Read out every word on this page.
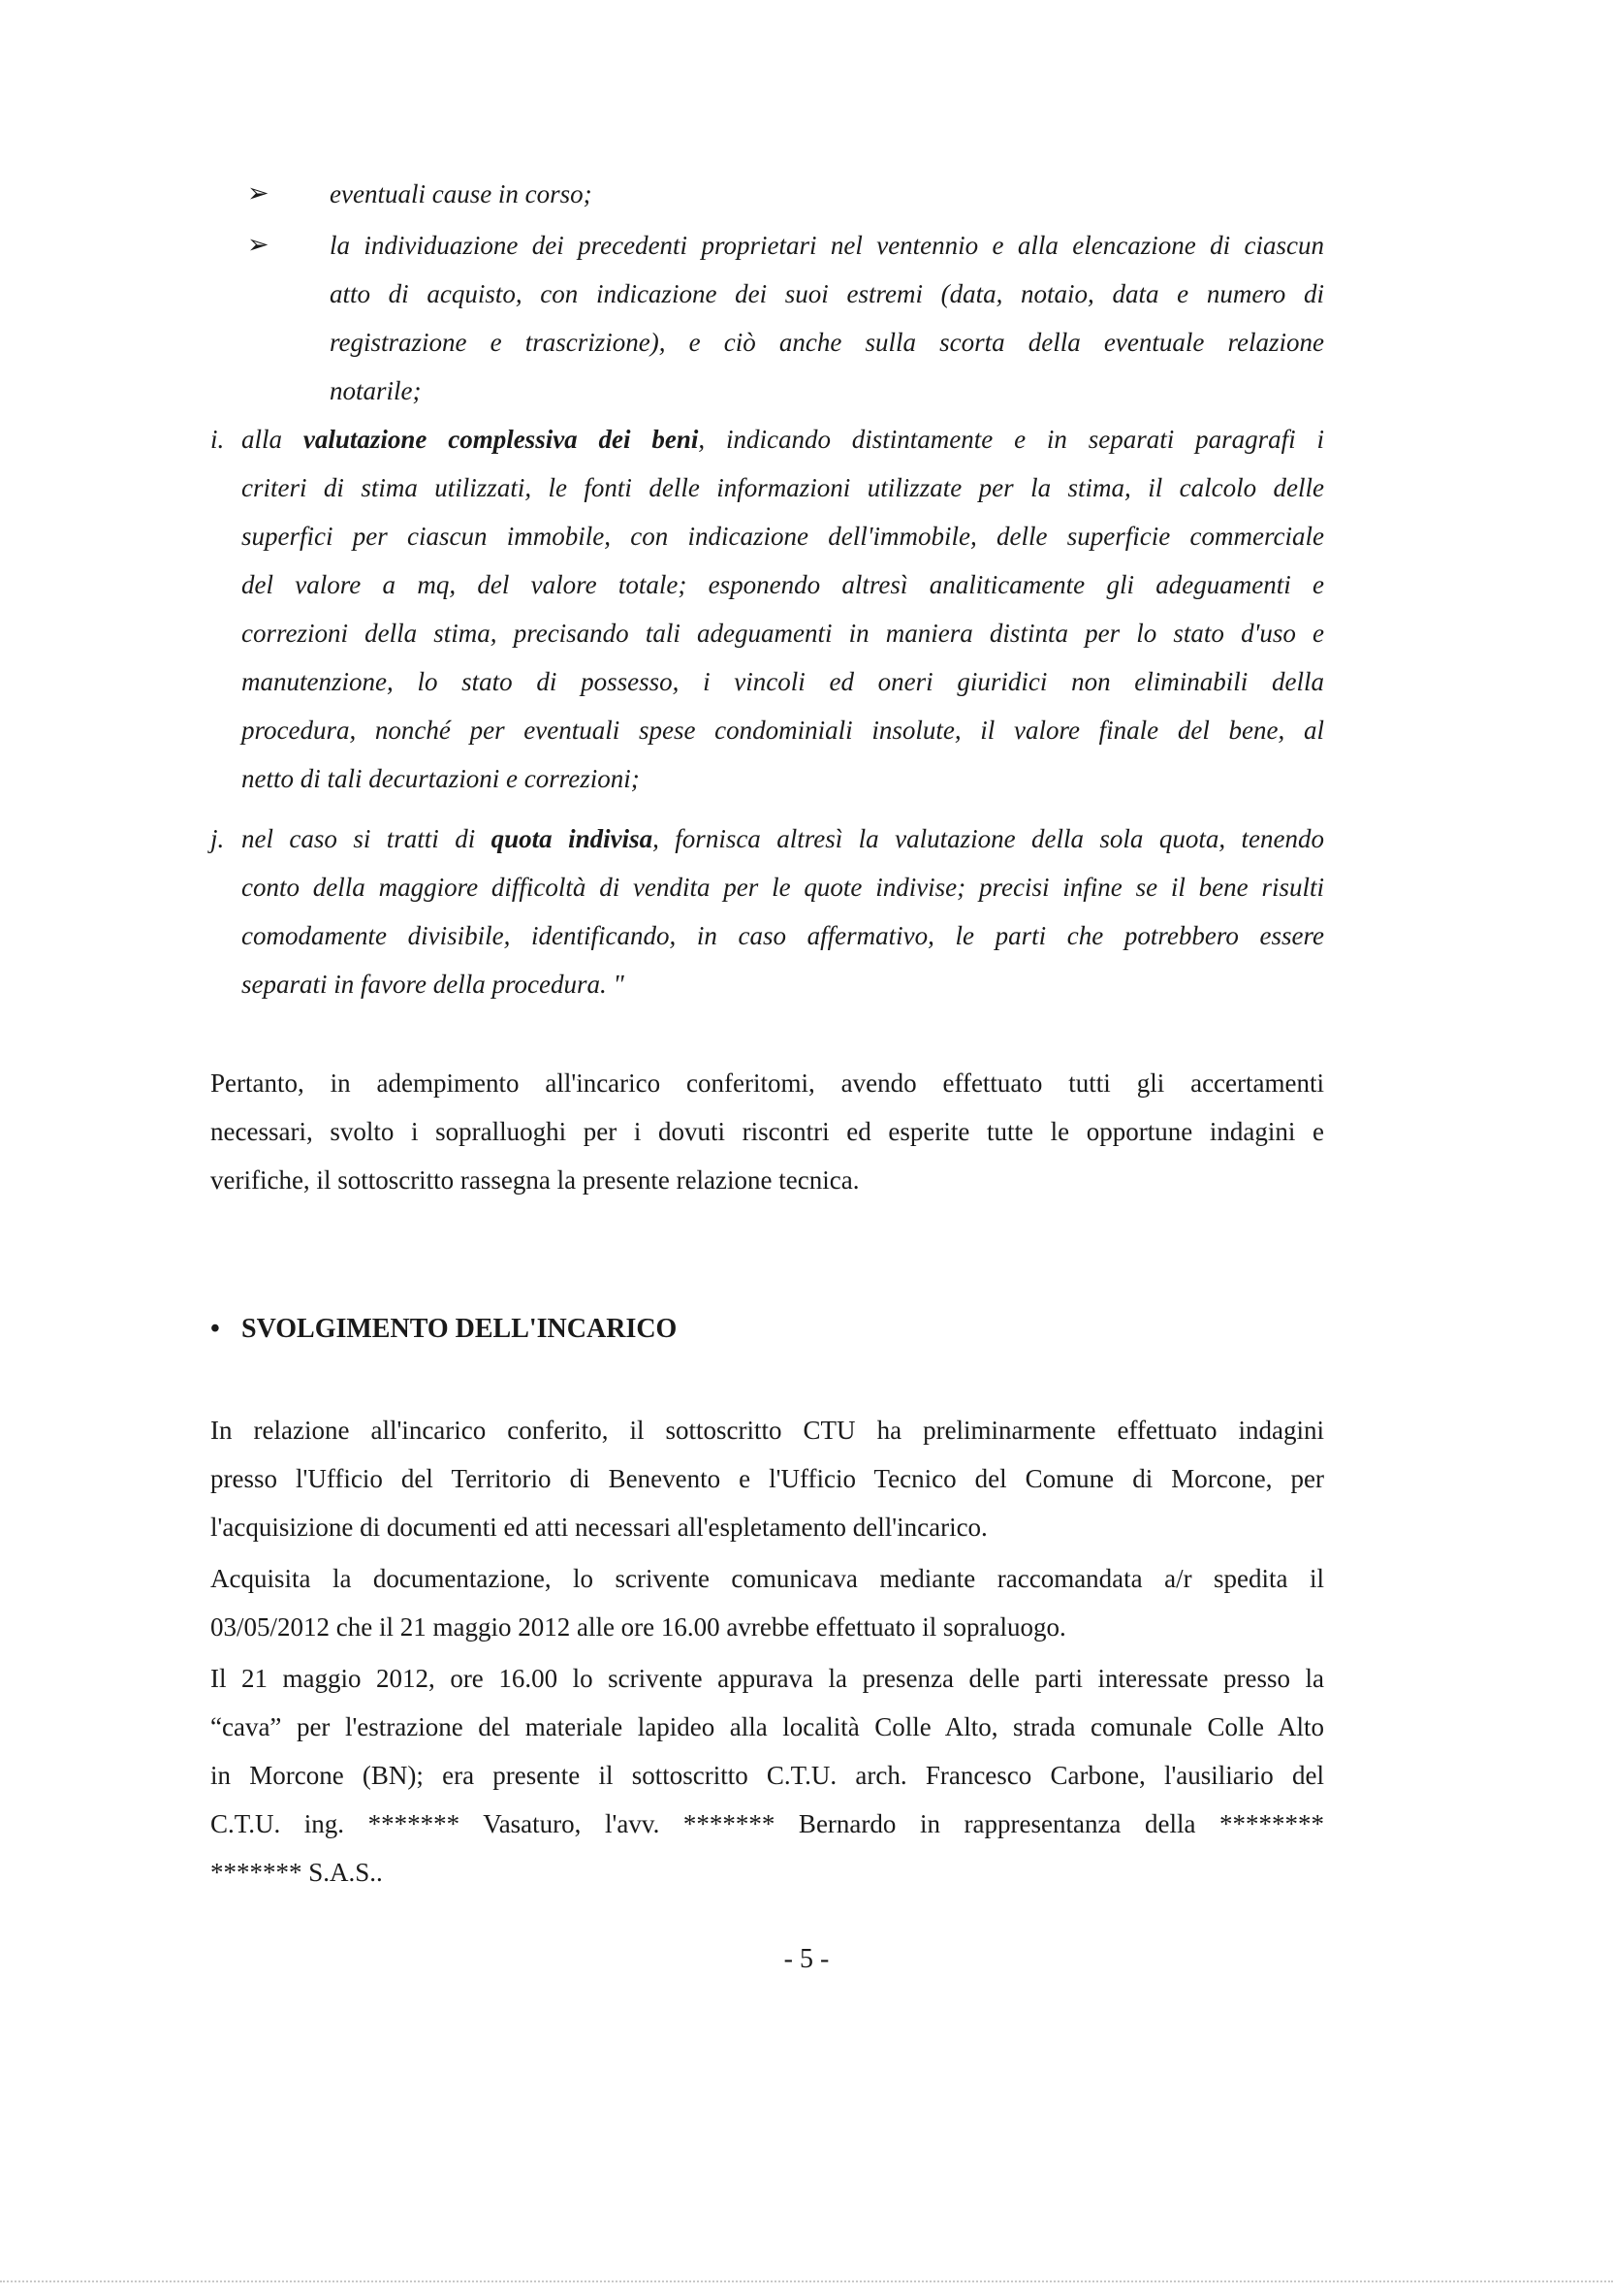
➢ eventuali cause in corso;
➢ la individuazione dei precedenti proprietari nel ventennio e alla elencazione di ciascun
atto di acquisto, con indicazione dei suoi estremi (data, notaio, data e numero di
registrazione e trascrizione), e ciò anche sulla scorta della eventuale relazione
notarile;
i. alla valutazione complessiva dei beni, indicando distintamente e in separati paragrafi i
criteri di stima utilizzati, le fonti delle informazioni utilizzate per la stima, il calcolo delle
superfici per ciascun immobile, con indicazione dell'immobile, delle superficie commerciale
del valore a mq, del valore totale; esponendo altresì analiticamente gli adeguamenti e
correzioni della stima, precisando tali adeguamenti in maniera distinta per lo stato d'uso e
manutenzione, lo stato di possesso, i vincoli ed oneri giuridici non eliminabili della
procedura, nonché per eventuali spese condominiali insolute, il valore finale del bene, al
netto di tali decurtazioni e correzioni;
j. nel caso si tratti di quota indivisa, fornisca altresì la valutazione della sola quota, tenendo
conto della maggiore difficoltà di vendita per le quote indivise; precisi infine se il bene risulti
comodamente divisibile, identificando, in caso affermativo, le parti che potrebbero essere
separati in favore della procedura. "
Pertanto, in adempimento all'incarico conferitomi, avendo effettuato tutti gli accertamenti
necessari, svolto i sopralluoghi per i dovuti riscontri ed esperite tutte le opportune indagini e
verifiche, il sottoscritto rassegna la presente relazione tecnica.
• SVOLGIMENTO DELL'INCARICO
In relazione all'incarico conferito, il sottoscritto CTU ha preliminarmente effettuato indagini
presso l'Ufficio del Territorio di Benevento e l'Ufficio Tecnico del Comune di Morcone, per
l'acquisizione di documenti ed atti necessari all'espletamento dell'incarico.
Acquisita la documentazione, lo scrivente comunicava mediante raccomandata a/r spedita il
03/05/2012 che il 21 maggio 2012 alle ore 16.00 avrebbe effettuato il sopraluogo.
Il 21 maggio 2012, ore 16.00 lo scrivente appurava la presenza delle parti interessate presso la
“cava” per l'estrazione del materiale lapideo alla località Colle Alto, strada comunale Colle Alto
in Morcone (BN); era presente il sottoscritto C.T.U. arch. Francesco Carbone, l'ausiliario del
C.T.U. ing. ******* Vasaturo, l'avv. ******* Bernardo in rappresentanza della ********
******* S.A.S..
- 5 -
